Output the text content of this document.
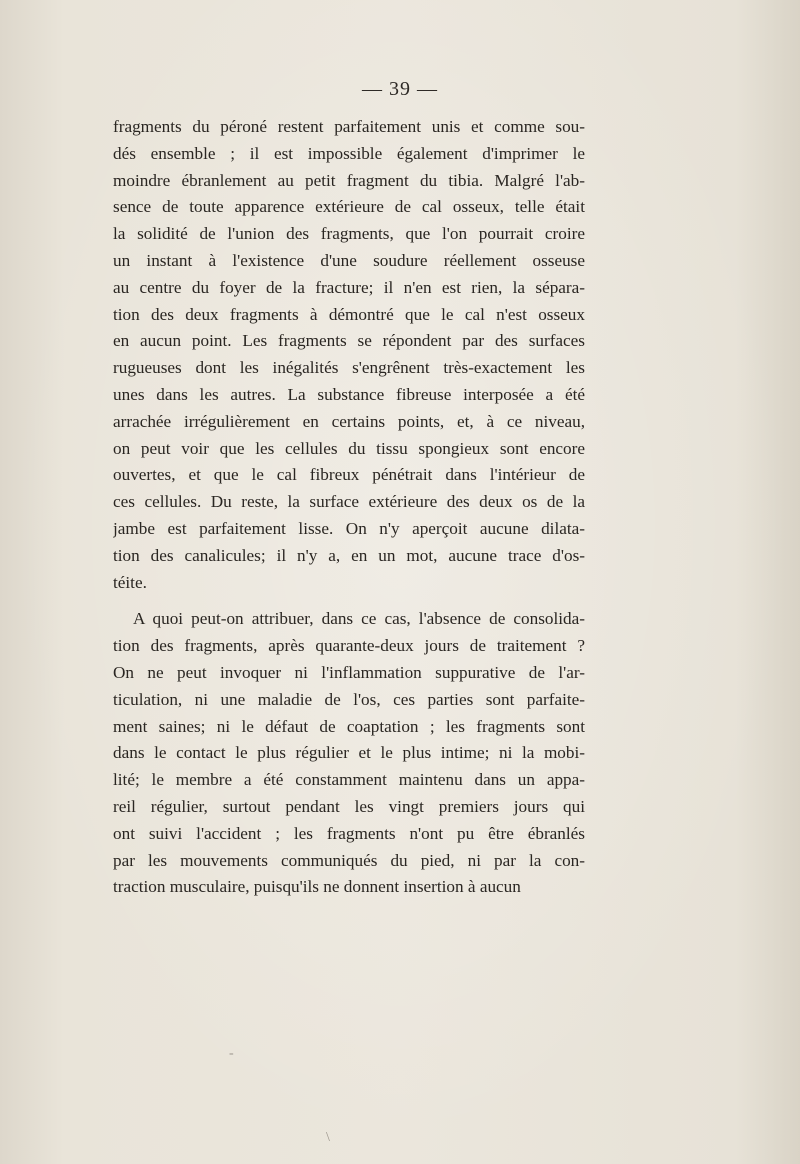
— 39 —
fragments du péroné restent parfaitement unis et comme sou-
dés ensemble ; il est impossible également d'imprimer le
moindre ébranlement au petit fragment du tibia. Malgré l'ab-
sence de toute apparence extérieure de cal osseux, telle était
la solidité de l'union des fragments, que l'on pourrait croire
un instant à l'existence d'une soudure réellement osseuse
au centre du foyer de la fracture; il n'en est rien, la sépara-
tion des deux fragments à démontré que le cal n'est osseux
en aucun point. Les fragments se répondent par des surfaces
rugueuses dont les inégalités s'engrênent très-exactement les
unes dans les autres. La substance fibreuse interposée a été
arrachée irrégulièrement en certains points, et, à ce niveau,
on peut voir que les cellules du tissu spongieux sont encore
ouvertes, et que le cal fibreux pénétrait dans l'intérieur de
ces cellules. Du reste, la surface extérieure des deux os de la
jambe est parfaitement lisse. On n'y aperçoit aucune dilata-
tion des canalicules; il n'y a, en un mot, aucune trace d'os-
téite.
A quoi peut-on attribuer, dans ce cas, l'absence de consolida-
tion des fragments, après quarante-deux jours de traitement ?
On ne peut invoquer ni l'inflammation suppurative de l'ar-
ticulation, ni une maladie de l'os, ces parties sont parfaite-
ment saines; ni le défaut de coaptation ; les fragments sont
dans le contact le plus régulier et le plus intime; ni la mobi-
lité; le membre a été constamment maintenu dans un appa-
reil régulier, surtout pendant les vingt premiers jours qui
ont suivi l'accident ; les fragments n'ont pu être ébranlés
par les mouvements communiqués du pied, ni par la con-
traction musculaire, puisqu'ils ne donnent insertion à aucun
-
\
